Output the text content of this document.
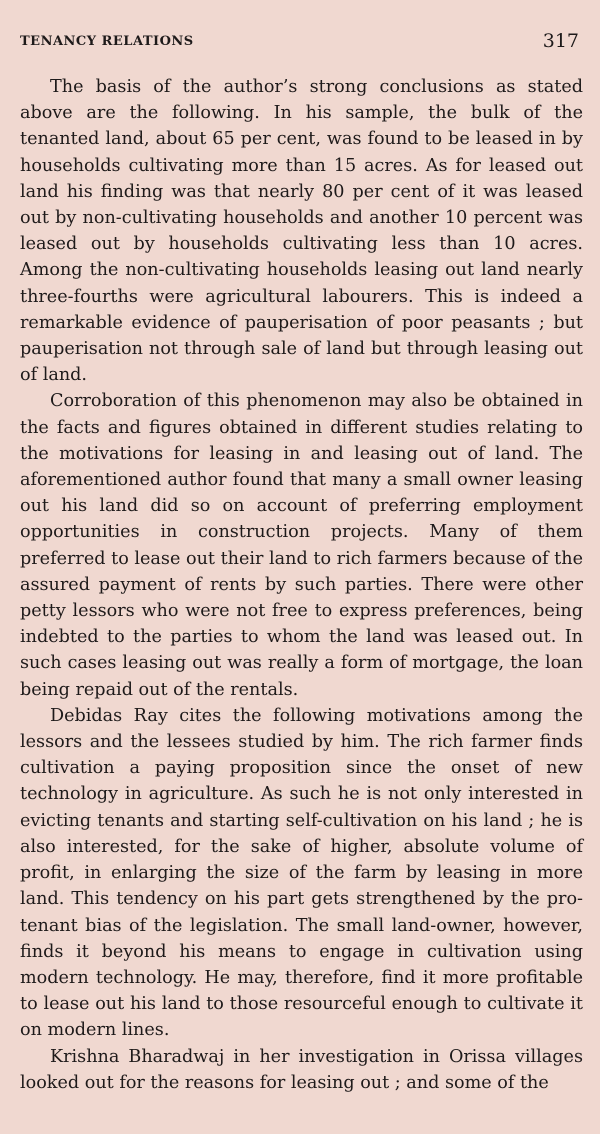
TENANCY RELATIONS	317

The basis of the author’s strong conclusions as stated above are the following. In his sample, the bulk of the tenanted land, about 65 per cent, was found to be leased in by households cultivating more than 15 acres. As for leased out land his finding was that nearly 80 per cent of it was leased out by non-cultivating households and another 10 percent was leased out by households cultivating less than 10 acres. Among the non-cultivating households leasing out land nearly three-fourths were agricultural labourers. This is indeed a remarkable evidence of pauperisation of poor peasants ; but pauperisation not through sale of land but through leasing out of land.

Corroboration of this phenomenon may also be obtained in the facts and figures obtained in different studies relating to the motivations for leasing in and leasing out of land. The aforementioned author found that many a small owner leasing out his land did so on account of preferring employment opportunities in construction projects. Many of them preferred to lease out their land to rich farmers because of the assured payment of rents by such parties. There were other petty lessors who were not free to express preferences, being indebted to the parties to whom the land was leased out. In such cases leasing out was really a form of mortgage, the loan being repaid out of the rentals.

Debidas Ray cites the following motivations among the lessors and the lessees studied by him. The rich farmer finds cultivation a paying proposition since the onset of new technology in agriculture. As such he is not only interested in evicting tenants and starting self-cultivation on his land ; he is also interested, for the sake of higher, absolute volume of profit, in enlarging the size of the farm by leasing in more land. This tendency on his part gets strengthened by the pro-tenant bias of the legislation. The small land-owner, however, finds it beyond his means to engage in cultivation using modern technology. He may, therefore, find it more profitable to lease out his land to those resourceful enough to cultivate it on modern lines.

Krishna Bharadwaj in her investigation in Orissa villages looked out for the reasons for leasing out ; and some of the
